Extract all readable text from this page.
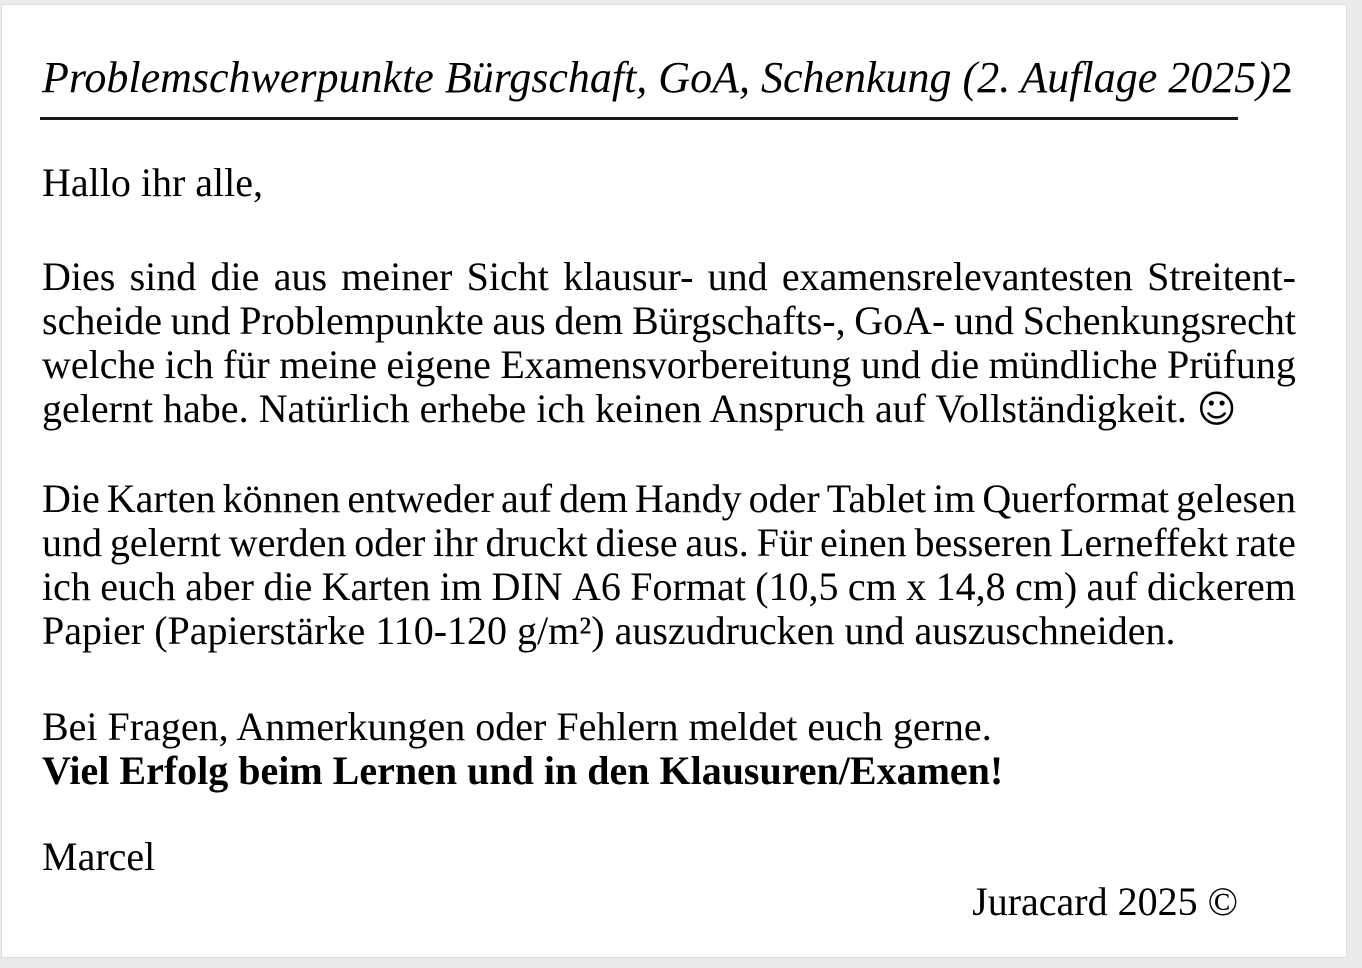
Problemschwerpunkte Bürgschaft, GoA, Schenkung (2. Auflage 2025) 2
Hallo ihr alle,
Dies sind die aus meiner Sicht klausur- und examensrelevantesten Streitent-
scheide und Problempunkte aus dem Bürgschafts-, GoA- und Schenkungsrecht
welche ich für meine eigene Examensvorbereitung und die mündliche Prüfung
gelernt habe. Natürlich erhebe ich keinen Anspruch auf Vollständigkeit. ☺
Die Karten können entweder auf dem Handy oder Tablet im Querformat gelesen
und gelernt werden oder ihr druckt diese aus. Für einen besseren Lerneffekt rate
ich euch aber die Karten im DIN A6 Format (10,5 cm x 14,8 cm) auf dickerem
Papier (Papierstärke 110-120 g/m²) auszudrucken und auszuschneiden.
Bei Fragen, Anmerkungen oder Fehlern meldet euch gerne.
Viel Erfolg beim Lernen und in den Klausuren/Examen!
Marcel
Juracard 2025 ©
